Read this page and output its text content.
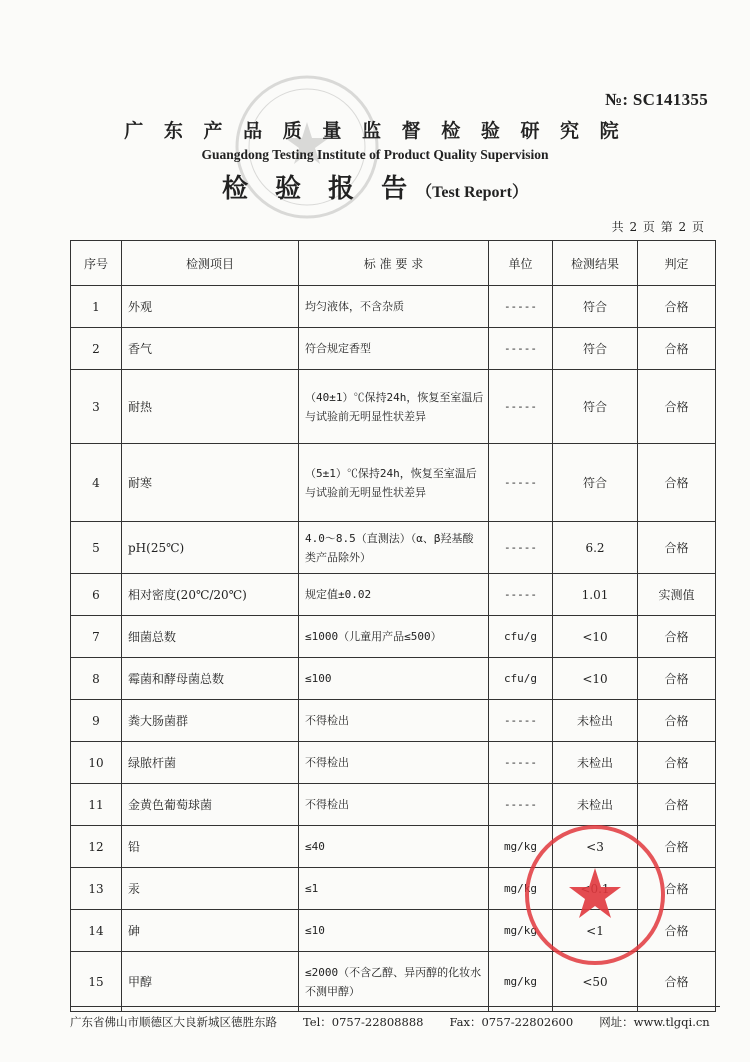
№: SC141355
广 东 产 品 质 量 监 督 检 验 研 究 院
Guangdong Testing Institute of Product Quality Supervision
检 验 报 告（Test Report）
共 2 页 第 2 页
序号	检测项目	标 准 要 求	单位	检测结果	判定
1	外观	均匀液体，不含杂质	-----	符合	合格
2	香气	符合规定香型	-----	符合	合格
3	耐热	（40±1）℃保持24h，恢复至室温后与试验前无明显性状差异	-----	符合	合格
4	耐寒	（5±1）℃保持24h，恢复至室温后与试验前无明显性状差异	-----	符合	合格
5	pH(25℃)	4.0～8.5（直测法）（α、β羟基酸类产品除外）	-----	6.2	合格
6	相对密度(20℃/20℃)	规定值±0.02	-----	1.01	实测值
7	细菌总数	≤1000（儿童用产品≤500）	cfu/g	<10	合格
8	霉菌和酵母菌总数	≤100	cfu/g	<10	合格
9	粪大肠菌群	不得检出	-----	未检出	合格
10	绿脓杆菌	不得检出	-----	未检出	合格
11	金黄色葡萄球菌	不得检出	-----	未检出	合格
12	铅	≤40	mg/kg	<3	合格
13	汞	≤1	mg/kg		合格
14	砷	≤10	mg/kg	<1	合格
15	甲醇	≤2000（不含乙醇、异丙醇的化妆水不测甲醇）	mg/kg	<50	合格
广东省佛山市顺德区大良新城区德胜东路 Tel：0757-22808888 Fax：0757-22802600 网址：www.tlgqi.cn
